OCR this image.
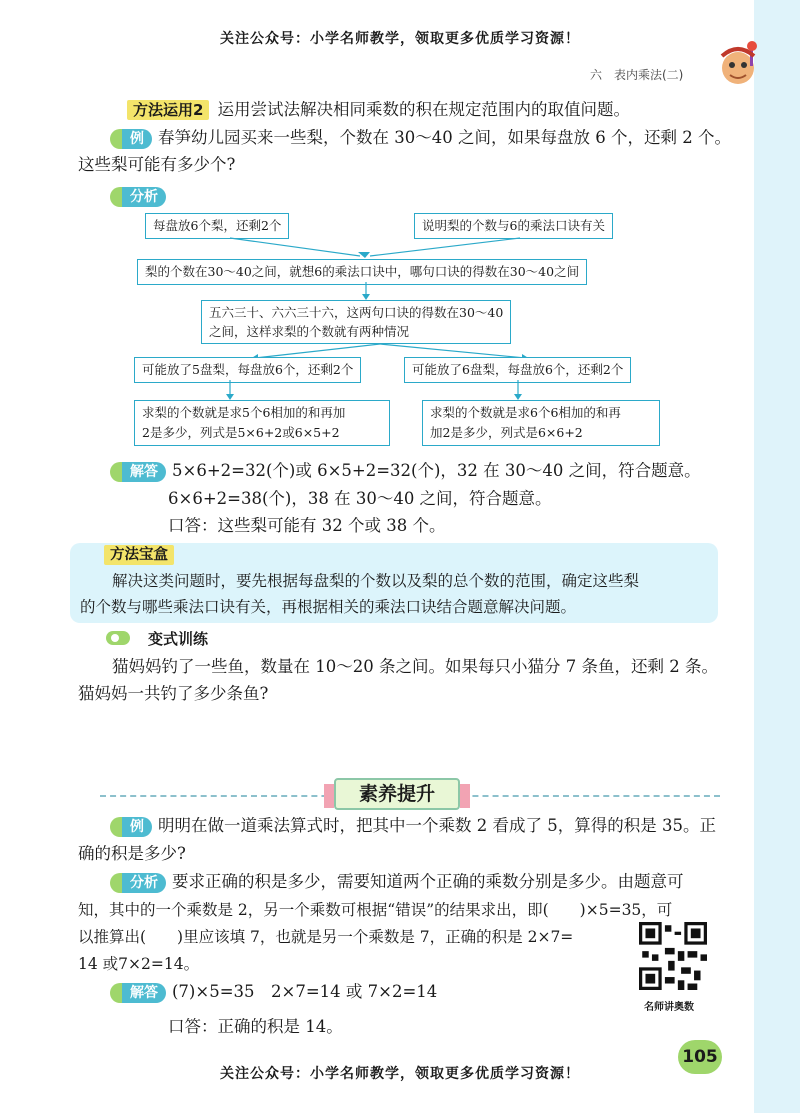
关注公众号：小学名师教学，领取更多优质学习资源！
六　表内乘法(二)
方法运用2 运用尝试法解决相同乘数的积在规定范围内的取值问题。
例 春笋幼儿园买来一些梨，个数在 30～40 之间，如果每盘放 6 个，还剩 2 个。
这些梨可能有多少个?
分析
每盘放6个梨，还剩2个	说明梨的个数与6的乘法口诀有关
梨的个数在30～40之间，就想6的乘法口诀中，哪句口诀的得数在30～40之间
五六三十、六六三十六，这两句口诀的得数在30～40
之间，这样求梨的个数就有两种情况
可能放了5盘梨，每盘放6个，还剩2个	可能放了6盘梨，每盘放6个，还剩2个
求梨的个数就是求5个6相加的和再加
2是多少，列式是5×6+2或6×5+2
求梨的个数就是求6个6相加的和再
加2是多少，列式是6×6+2
解答 5×6+2=32(个)或 6×5+2=32(个)，32 在 30～40 之间，符合题意。
6×6+2=38(个)，38 在 30～40 之间，符合题意。
口答：这些梨可能有 32 个或 38 个。
方法宝盒
解决这类问题时，要先根据每盘梨的个数以及梨的总个数的范围，确定这些梨
的个数与哪些乘法口诀有关，再根据相关的乘法口诀结合题意解决问题。
变式训练
猫妈妈钓了一些鱼，数量在 10～20 条之间。如果每只小猫分 7 条鱼，还剩 2 条。
猫妈妈一共钓了多少条鱼?
素养提升
例 明明在做一道乘法算式时，把其中一个乘数 2 看成了 5，算得的积是 35。正
确的积是多少?
分析 要求正确的积是多少，需要知道两个正确的乘数分别是多少。由题意可
知，其中的一个乘数是 2，另一个乘数可根据“错误”的结果求出，即(　　)×5=35，可
以推算出(　　)里应该填 7，也就是另一个乘数是 7，正确的积是 2×7=
14 或7×2=14。
名师讲奥数
解答 (7)×5=35　2×7=14 或 7×2=14
口答：正确的积是 14。
105
关注公众号：小学名师教学，领取更多优质学习资源！
